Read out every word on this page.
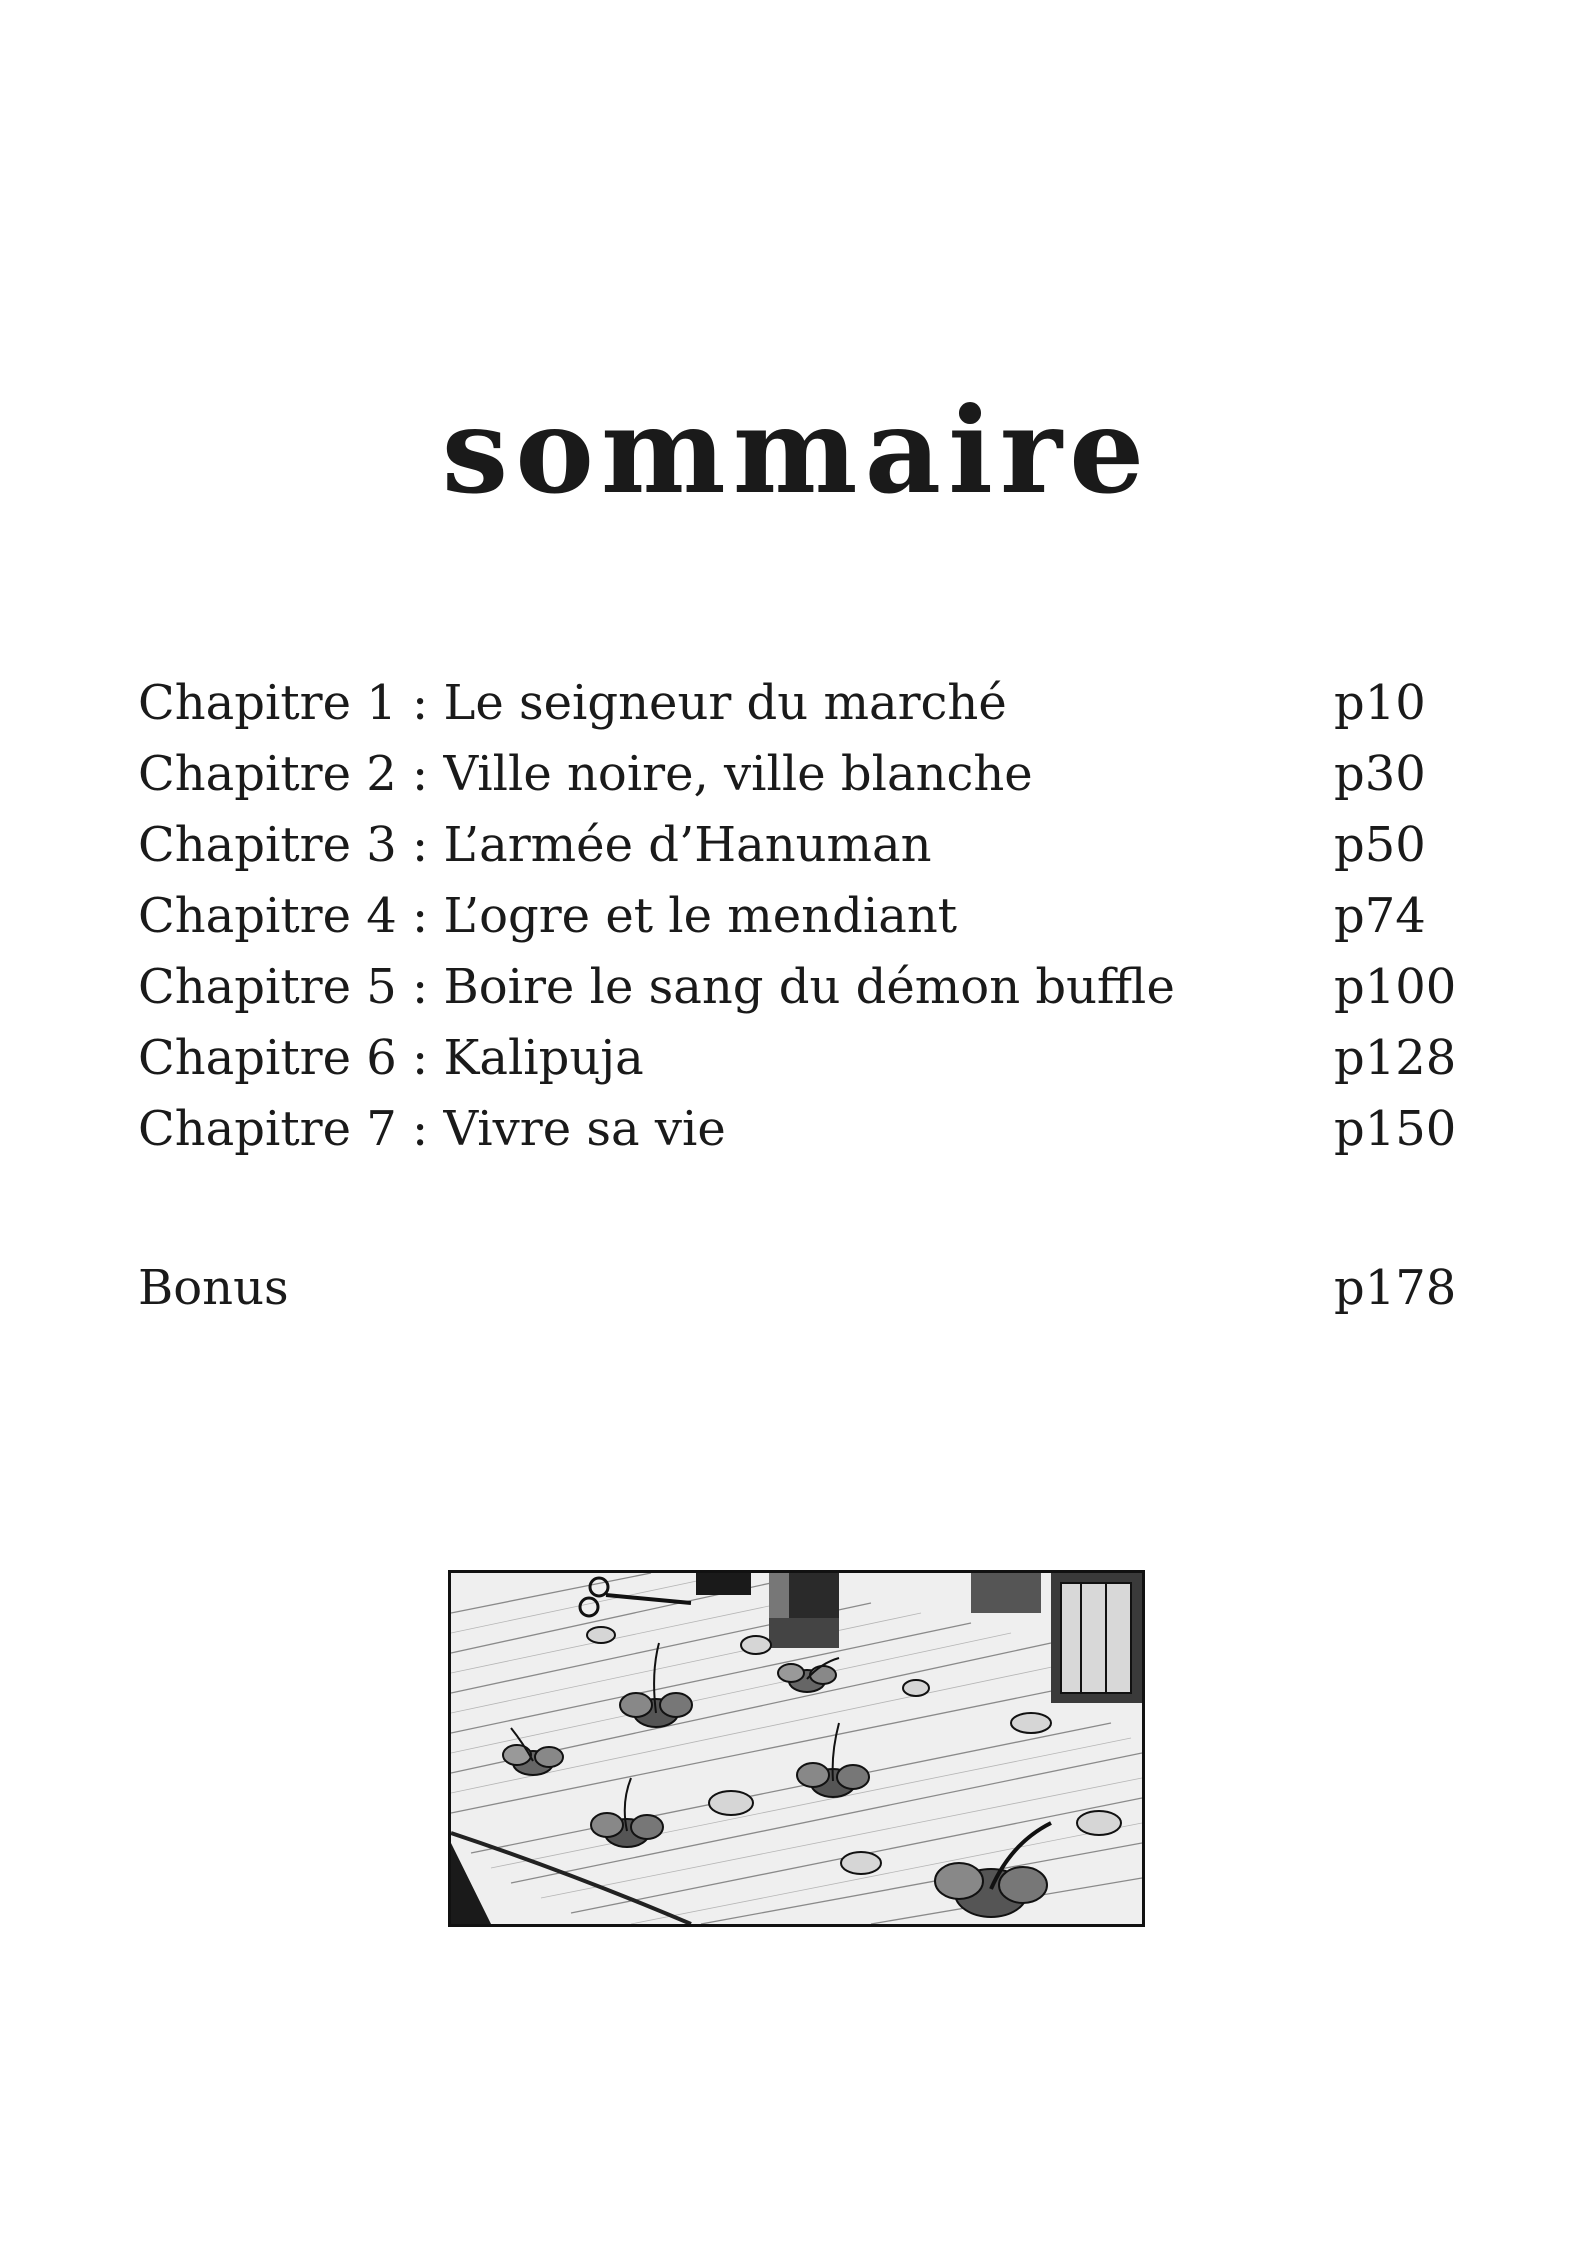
sommaire
Chapitre 1 : Le seigneur du marché	p10
Chapitre 2 : Ville noire, ville blanche	p30
Chapitre 3 : L’armée d’Hanuman	p50
Chapitre 4 : L’ogre et le mendiant	p74
Chapitre 5 : Boire le sang du démon buffle	p100
Chapitre 6 : Kalipuja	p128
Chapitre 7 : Vivre sa vie	p150
Bonus	p178
